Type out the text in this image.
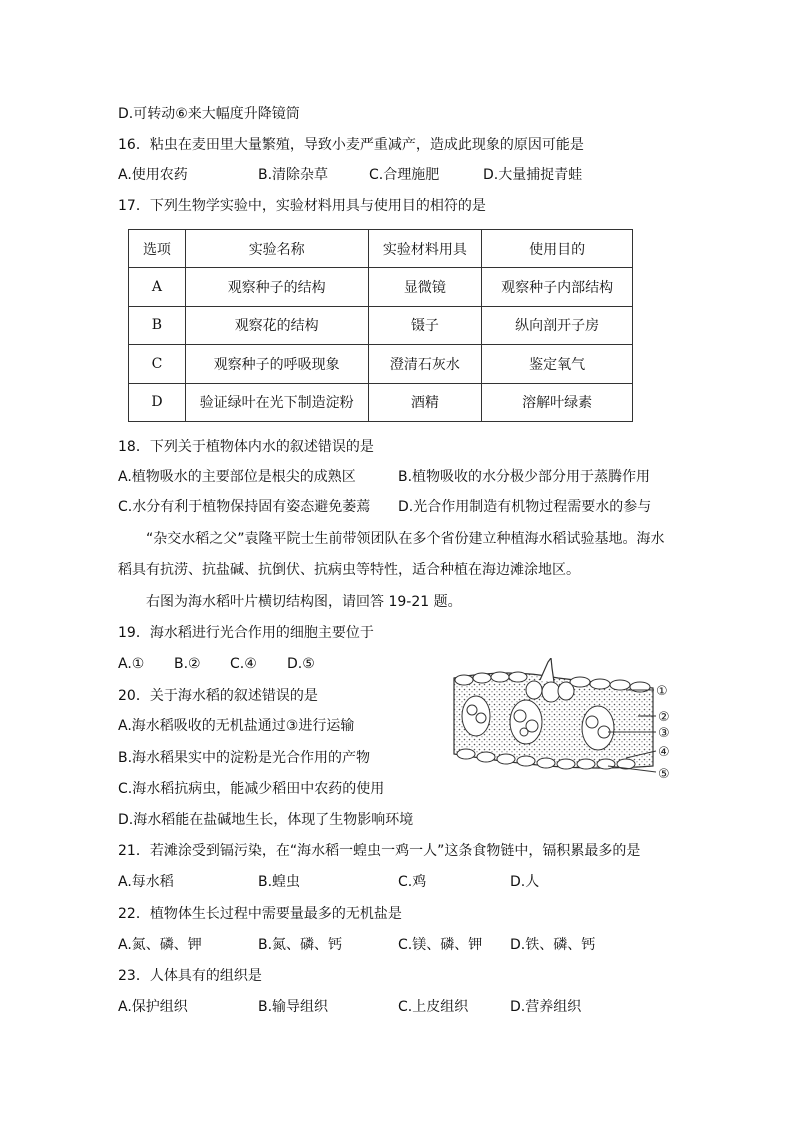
D.可转动⑥来大幅度升降镜筒
16．粘虫在麦田里大量繁殖，导致小麦严重减产，造成此现象的原因可能是
A.使用农药	B.清除杂草	C.合理施肥	D.大量捕捉青蛙
17．下列生物学实验中，实验材料用具与使用目的相符的是
选项	实验名称	实验材料用具	使用目的
A	观察种子的结构	显微镜	观察种子内部结构
B	观察花的结构	镊子	纵向剖开子房
C	观察种子的呼吸现象	澄清石灰水	鉴定氧气
D	验证绿叶在光下制造淀粉	酒精	溶解叶绿素
18．下列关于植物体内水的叙述错误的是
A.植物吸水的主要部位是根尖的成熟区	B.植物吸收的水分极少部分用于蒸腾作用
C.水分有利于植物保持固有姿态避免萎蔫 D.光合作用制造有机物过程需要水的参与
“杂交水稻之父”袁隆平院士生前带领团队在多个省份建立种植海水稻试验基地。海水
稻具有抗涝、抗盐碱、抗倒伏、抗病虫等特性，适合种植在海边滩涂地区。
右图为海水稻叶片横切结构图，请回答 19-21 题。
19．海水稻进行光合作用的细胞主要位于
A.① B.② C.④ D.⑤
20．关于海水稻的叙述错误的是
A.海水稻吸收的无机盐通过③进行运输
B.海水稻果实中的淀粉是光合作用的产物
C.海水稻抗病虫，能减少稻田中农药的使用
D.海水稻能在盐碱地生长，体现了生物影响环境
①
②
③
④
⑤
21．若滩涂受到镉污染，在“海水稻一蝗虫一鸡一人”这条食物链中，镉积累最多的是
A.每水稻	B.蝗虫	C.鸡	D.人
22．植物体生长过程中需要量最多的无机盐是
A.氮、磷、钾	B.氮、磷、钙	C.镁、磷、钾 D.铁、磷、钙
23．人体具有的组织是
A.保护组织	B.输导组织	C.上皮组织	D.营养组织
